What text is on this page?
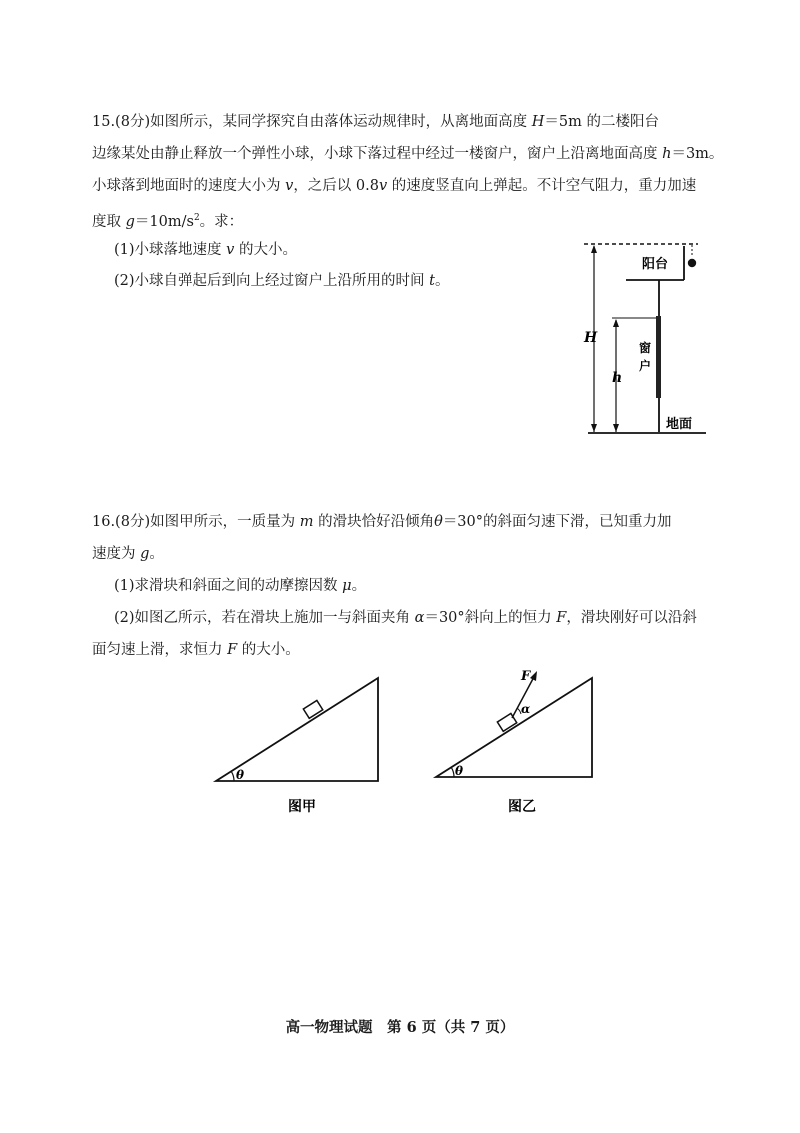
15.(8分)如图所示，某同学探究自由落体运动规律时，从离地面高度 H＝5m 的二楼阳台
边缘某处由静止释放一个弹性小球，小球下落过程中经过一楼窗户，窗户上沿离地面高度 h＝3m。
小球落到地面时的速度大小为 v，之后以 0.8v 的速度竖直向上弹起。不计空气阻力，重力加速
度取 $g=10m/s^2$。求：
(1)小球落地速度 v 的大小。
(2)小球自弹起后到向上经过窗户上沿所用的时间 t。
阳台
H
h
窗 户
地面
16.(8分)如图甲所示，一质量为 m 的滑块恰好沿倾角θ＝30°的斜面匀速下滑，已知重力加
速度为 g。
(1)求滑块和斜面之间的动摩擦因数 μ。
(2)如图乙所示，若在滑块上施加一与斜面夹角 α＝30°斜向上的恒力 F，滑块刚好可以沿斜
面匀速上滑，求恒力 F 的大小。
θ
图甲
α
F
θ
图乙
高一物理试题　第 6 页（共 7 页）
